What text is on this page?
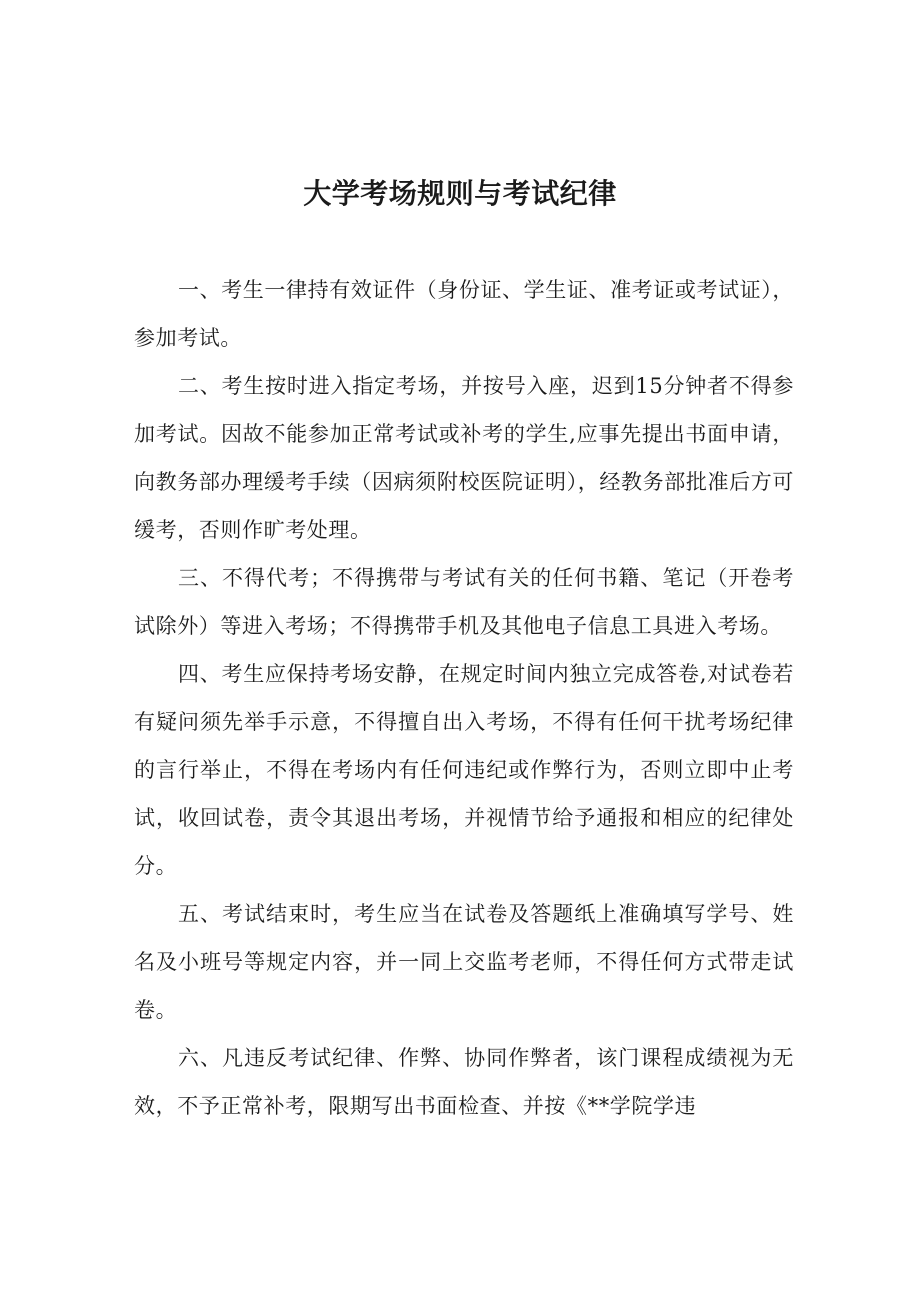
大学考场规则与考试纪律

一、考生一律持有效证件（身份证、学生证、准考证或考试证），参加考试。

二、考生按时进入指定考场，并按号入座，迟到15分钟者不得参加考试。因故不能参加正常考试或补考的学生,应事先提出书面申请，向教务部办理缓考手续（因病须附校医院证明），经教务部批准后方可缓考，否则作旷考处理。

三、不得代考；不得携带与考试有关的任何书籍、笔记（开卷考试除外）等进入考场；不得携带手机及其他电子信息工具进入考场。

四、考生应保持考场安静，在规定时间内独立完成答卷,对试卷若有疑问须先举手示意，不得擅自出入考场，不得有任何干扰考场纪律的言行举止，不得在考场内有任何违纪或作弊行为，否则立即中止考试，收回试卷，责令其退出考场，并视情节给予通报和相应的纪律处分。

五、考试结束时，考生应当在试卷及答题纸上准确填写学号、姓名及小班号等规定内容，并一同上交监考老师，不得任何方式带走试卷。

六、凡违反考试纪律、作弊、协同作弊者，该门课程成绩视为无效，不予正常补考，限期写出书面检查、并按《**学院学违
